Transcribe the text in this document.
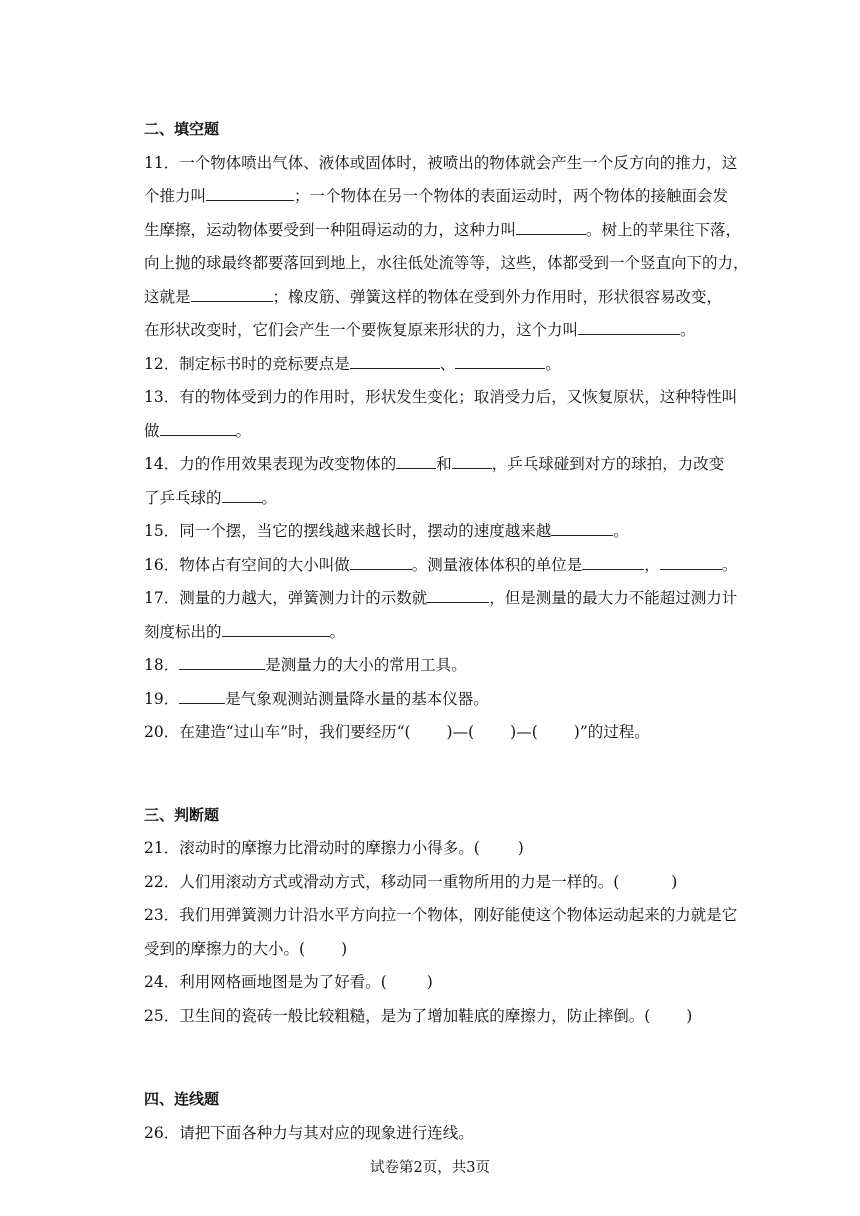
二、填空题
11．一个物体喷出气体、液体或固体时，被喷出的物体就会产生一个反方向的推力，这
个推力叫	；一个物体在另一个物体的表面运动时，两个物体的接触面会发
生摩擦，运动物体要受到一种阻碍运动的力，这种力叫	。树上的苹果往下落，
向上抛的球最终都要落回到地上，水往低处流等等，这些，体都受到一个竖直向下的力，
这就是	；橡皮筋、弹簧这样的物体在受到外力作用时，形状很容易改变，
在形状改变时，它们会产生一个要恢复原来形状的力，这个力叫	。
12．制定标书时的竞标要点是	、	。
13．有的物体受到力的作用时，形状发生变化；取消受力后，又恢复原状，这种特性叫
做	。
14．力的作用效果表现为改变物体的	和	，乒乓球碰到对方的球拍，力改变
了乒乓球的	。
15．同一个摆，当它的摆线越来越长时，摆动的速度越来越	。
16．物体占有空间的大小叫做	。测量液体体积的单位是	，	。
17．测量的力越大，弹簧测力计的示数就	，但是测量的最大力不能超过测力计
刻度标出的	。
18．	是测量力的大小的常用工具。
19．	是气象观测站测量降水量的基本仪器。
20．在建造“过山车”时，我们要经历“( )—( )—( )”的过程。
三、判断题
21．滚动时的摩擦力比滑动时的摩擦力小得多。( )
22．人们用滚动方式或滑动方式，移动同一重物所用的力是一样的。(	)
23．我们用弹簧测力计沿水平方向拉一个物体，刚好能使这个物体运动起来的力就是它
受到的摩擦力的大小。( )
24．利用网格画地图是为了好看。(	)
25．卫生间的瓷砖一般比较粗糙，是为了增加鞋底的摩擦力，防止摔倒。( )
四、连线题
26．请把下面各种力与其对应的现象进行连线。
试卷第2页，共3页
